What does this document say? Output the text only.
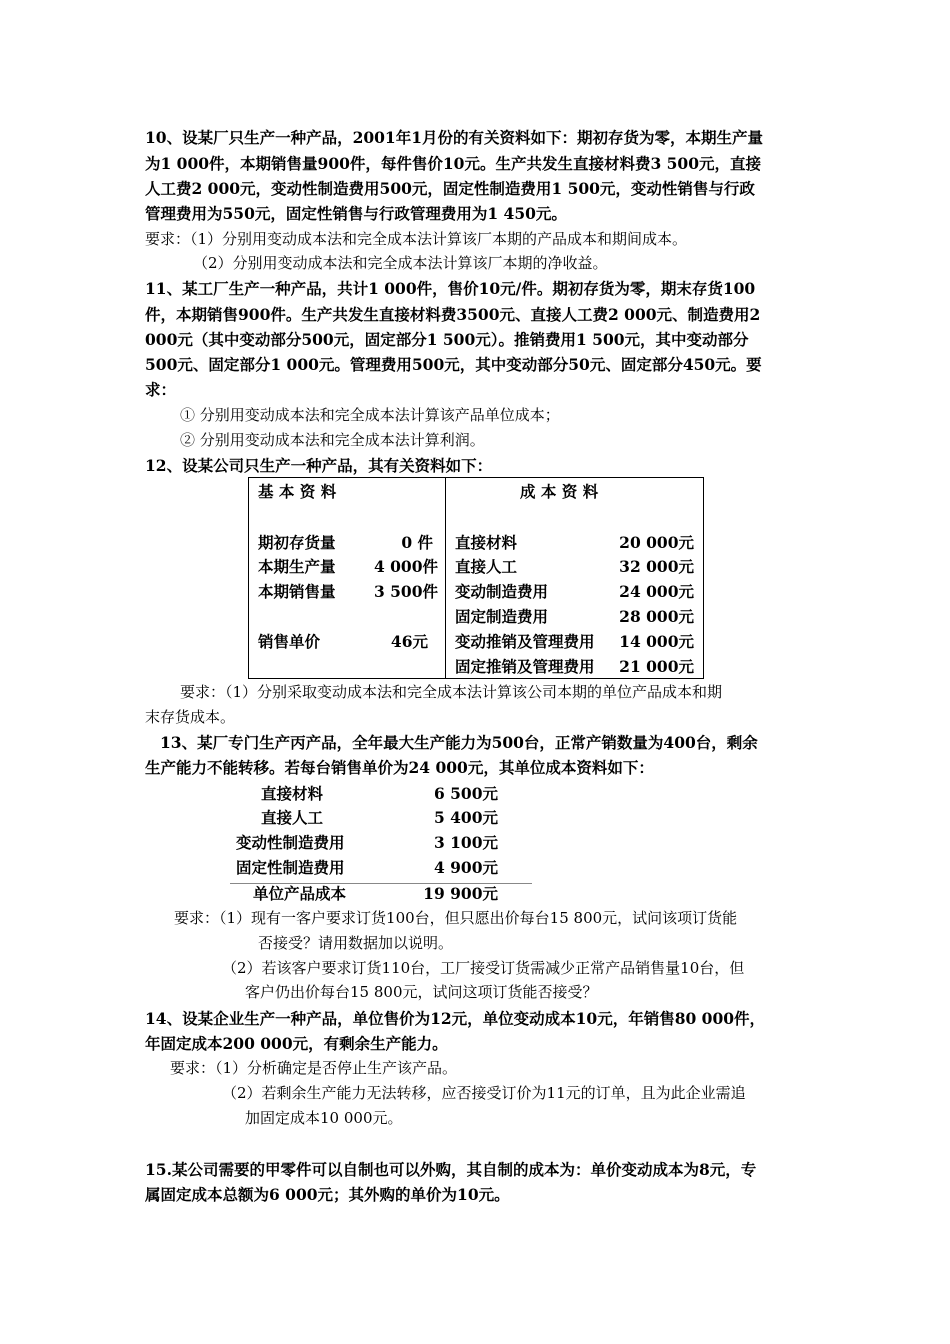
10、设某厂只生产一种产品，2001年1月份的有关资料如下：期初存货为零，本期生产量
为1 000件，本期销售量900件，每件售价10元。生产共发生直接材料费3 500元，直接
人工费2 000元，变动性制造费用500元，固定性制造费用1 500元，变动性销售与行政
管理费用为550元，固定性销售与行政管理费用为1 450元。
要求：（1）分别用变动成本法和完全成本法计算该厂本期的产品成本和期间成本。
（2）分别用变动成本法和完全成本法计算该厂本期的净收益。
11、某工厂生产一种产品，共计1 000件，售价10元/件。期初存货为零，期末存货100
件，本期销售900件。生产共发生直接材料费3500元、直接人工费2 000元、制造费用2
000元（其中变动部分500元，固定部分1 500元）。推销费用1 500元，其中变动部分
500元、固定部分1 000元。管理费用500元，其中变动部分50元、固定部分450元。要
求：
① 分别用变动成本法和完全成本法计算该产品单位成本；
② 分别用变动成本法和完全成本法计算利润。
12、设某公司只生产一种产品，其有关资料如下：
基 本 资 料	成 本 资 料
期初存货量	0 件
本期生产量	4 000件
本期销售量	3 500件
销售单价	46元
直接材料	20 000元
直接人工	32 000元
变动制造费用	24 000元
固定制造费用	28 000元
变动推销及管理费用	14 000元
固定推销及管理费用	21 000元
要求：（1）分别采取变动成本法和完全成本法计算该公司本期的单位产品成本和期
末存货成本。
13、某厂专门生产丙产品，全年最大生产能力为500台，正常产销数量为400台，剩余
生产能力不能转移。若每台销售单价为24 000元，其单位成本资料如下：
直接材料	6 500元
直接人工	5 400元
变动性制造费用	3 100元
固定性制造费用	4 900元
单位产品成本	19 900元
要求：（1）现有一客户要求订货100台，但只愿出价每台15 800元，试问该项订货能
否接受？请用数据加以说明。
（2）若该客户要求订货110台，工厂接受订货需减少正常产品销售量10台，但
客户仍出价每台15 800元，试问这项订货能否接受？
14、设某企业生产一种产品，单位售价为12元，单位变动成本10元，年销售80 000件，
年固定成本200 000元，有剩余生产能力。
要求：（1）分析确定是否停止生产该产品。
（2）若剩余生产能力无法转移，应否接受订价为11元的订单，且为此企业需追
加固定成本10 000元。
15.某公司需要的甲零件可以自制也可以外购，其自制的成本为：单价变动成本为8元，专
属固定成本总额为6 000元；其外购的单价为10元。
